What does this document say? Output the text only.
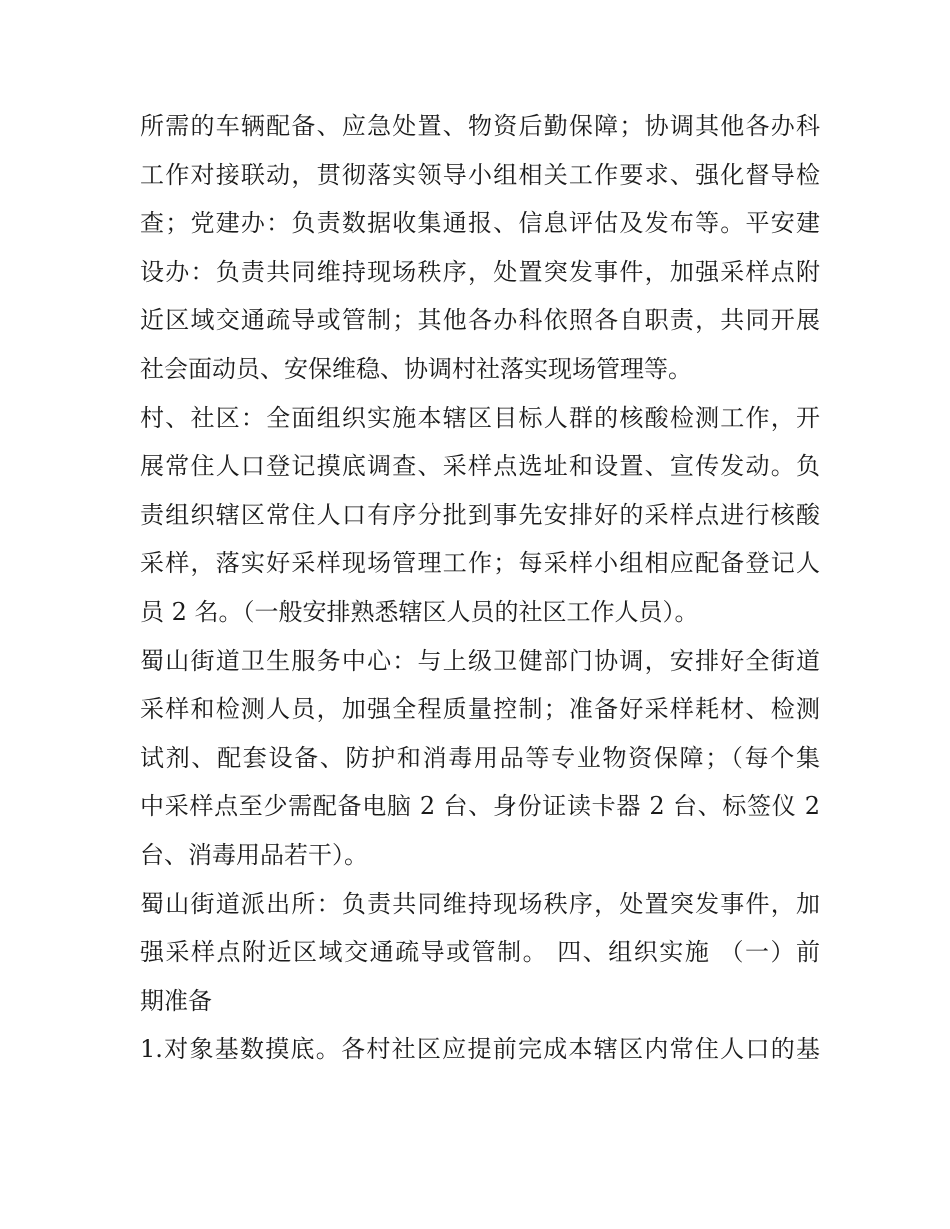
所需的车辆配备、应急处置、物资后勤保障；协调其他各办科
工作对接联动，贯彻落实领导小组相关工作要求、强化督导检
查；党建办：负责数据收集通报、信息评估及发布等。平安建
设办：负责共同维持现场秩序，处置突发事件，加强采样点附
近区域交通疏导或管制；其他各办科依照各自职责，共同开展
社会面动员、安保维稳、协调村社落实现场管理等。
村、社区：全面组织实施本辖区目标人群的核酸检测工作，开
展常住人口登记摸底调查、采样点选址和设置、宣传发动。负
责组织辖区常住人口有序分批到事先安排好的采样点进行核酸
采样，落实好采样现场管理工作；每采样小组相应配备登记人
员 2 名。（一般安排熟悉辖区人员的社区工作人员）。
蜀山街道卫生服务中心：与上级卫健部门协调，安排好全街道
采样和检测人员，加强全程质量控制；准备好采样耗材、检测
试剂、配套设备、防护和消毒用品等专业物资保障；（每个集
中采样点至少需配备电脑 2 台、身份证读卡器 2 台、标签仪 2
台、消毒用品若干）。
蜀山街道派出所：负责共同维持现场秩序，处置突发事件，加
强采样点附近区域交通疏导或管制。 四、组织实施 （一）前
期准备
1.对象基数摸底。各村社区应提前完成本辖区内常住人口的基
